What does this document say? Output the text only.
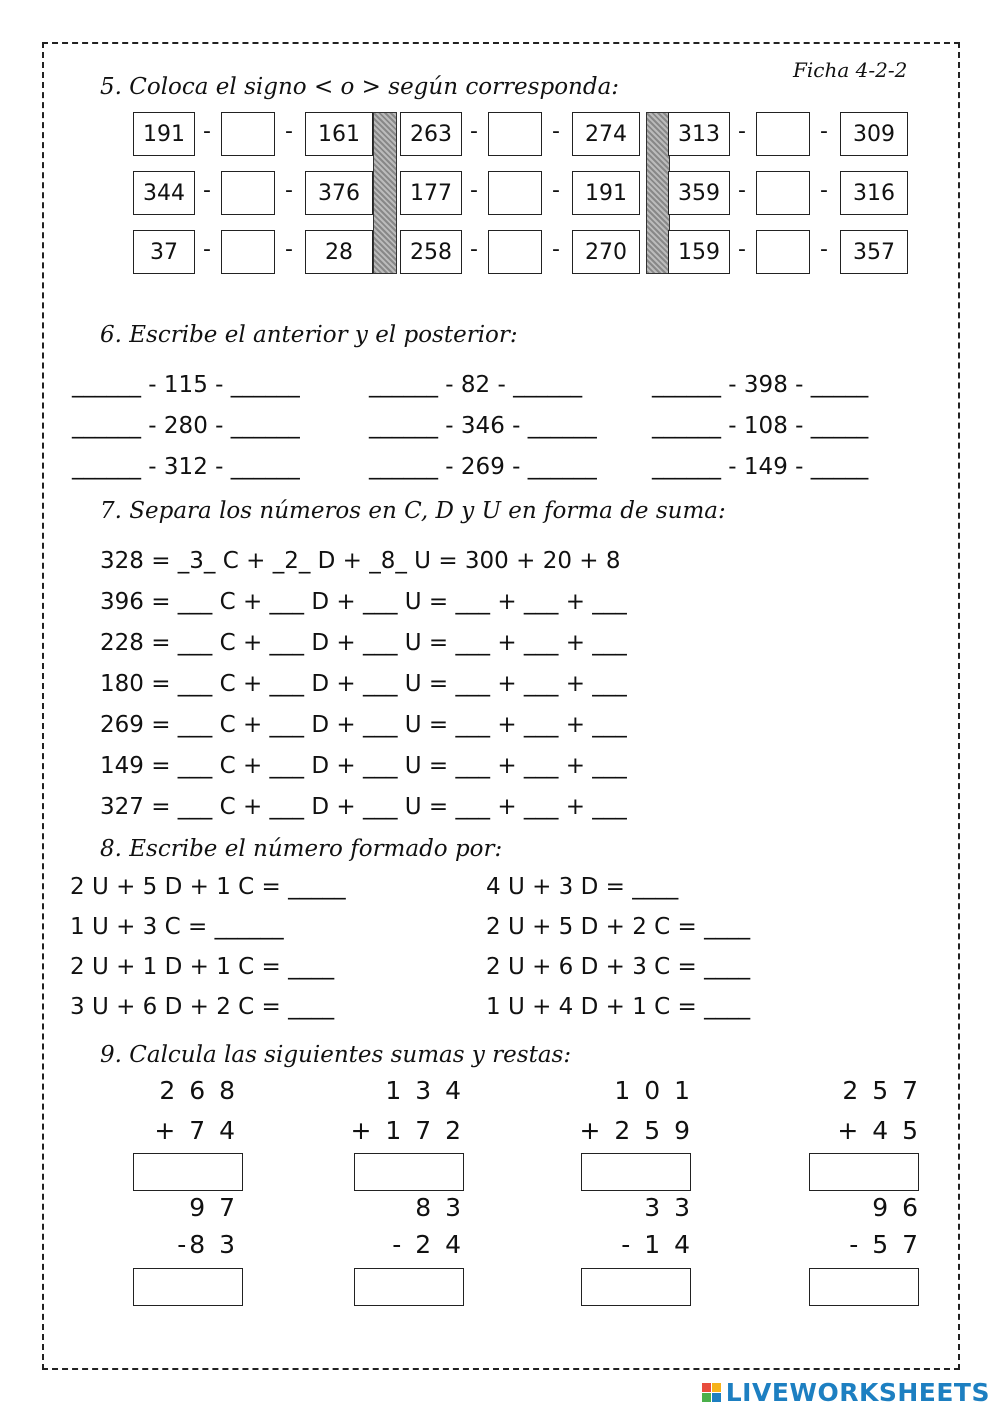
Ficha 4-2-2
5. Coloca el signo < o > según corresponda:
191 -	-	161
344 -	-	376
37	-	-	28
263 -	-	274
177 -	-	191
258 -	-	270
313 -	-	309
359 -	-	316
159 -	-	357
6. Escribe el anterior y el posterior:
______ - 115 - ______	______ - 82 - ______	______ - 398 - _____
______ - 280 - ______	______ - 346 - ______ ______ - 108 - _____
______ - 312 - ______	______ - 269 - ______ ______ - 149 - _____
7. Separa los números en C, D y U en forma de suma:
328 = _3_ C + _2_ D + _8_ U = 300 + 20 + 8
396 = ___ C + ___ D + ___ U = ___ + ___ + ___
228 = ___ C + ___ D + ___ U = ___ + ___ + ___
180 = ___ C + ___ D + ___ U = ___ + ___ + ___
269 = ___ C + ___ D + ___ U = ___ + ___ + ___
149 = ___ C + ___ D + ___ U = ___ + ___ + ___
327 = ___ C + ___ D + ___ U = ___ + ___ + ___
8. Escribe el número formado por:
2 U + 5 D + 1 C = _____
1 U + 3 C = ______
2 U + 1 D + 1 C = ____
3 U + 6 D + 2 C = ____
4 U + 3 D = ____
2 U + 5 D + 2 C = ____
2 U + 6 D + 3 C = ____
1 U + 4 D + 1 C = ____
9. Calcula las siguientes sumas y restas:
2 6 8
+ 7 4
1 3 4
+ 1 7 2
1 0 1
+ 2 5 9
2 5 7
+ 4 5
9 7
-8 3
8 3
- 2 4
3 3
- 1 4
9 6
- 5 7
LIVEWORKSHEETS
